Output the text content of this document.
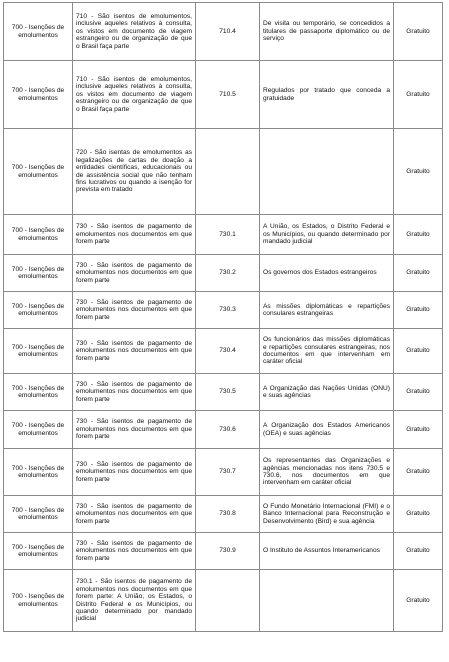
700 - Isenções de emolumentos	710 - São isentos de emolumentos, inclusive aqueles relativos à consulta, os vistos em documento de viagem estrangeiro ou de organização de que o Brasil faça parte	710.4	De visita ou temporário, se concedidos a titulares de passaporte diplomático ou de serviço	Gratuito
700 - Isenções de emolumentos	710 - São isentos de emolumentos, inclusive aqueles relativos à consulta, os vistos em documento de viagem estrangeiro ou de organização de que o Brasil faça parte	710.5	Regulados por tratado que conceda a gratuidade	Gratuito
700 - Isenções de emolumentos	720 - São isentas de emolumentos as legalizações de cartas de doação a entidades científicas, educacionais ou de assistência social que não tenham fins lucrativos ou quando a isenção for prevista em tratado			Gratuito
700 - Isenções de emolumentos	730 - São isentos de pagamento de emolumentos nos documentos em que forem parte	730.1	A União, os Estados, o Distrito Federal e os Municípios, ou quando determinado por mandado judicial	Gratuito
700 - Isenções de emolumentos	730 - São isentos de pagamento de emolumentos nos documentos em que forem parte	730.2	Os governos dos Estados estrangeiros	Gratuito
700 - Isenções de emolumentos	730 - São isentos de pagamento de emolumentos nos documentos em que forem parte	730.3	As missões diplomáticas e repartições consulares estrangeiras	Gratuito
700 - Isenções de emolumentos	730 - São isentos de pagamento de emolumentos nos documentos em que forem parte	730.4	Os funcionários das missões diplomáticas e repartições consulares estrangeiras, nos documentos em que intervenham em caráter oficial	Gratuito
700 - Isenções de emolumentos	730 - São isentos de pagamento de emolumentos nos documentos em que forem parte	730.5	A Organização das Nações Unidas (ONU) e suas agências	Gratuito
700 - Isenções de emolumentos	730 - São isentos de pagamento de emolumentos nos documentos em que forem parte	730.6	A Organização dos Estados Americanos (OEA) e suas agências	Gratuito
700 - Isenções de emolumentos	730 - São isentos de pagamento de emolumentos nos documentos em que forem parte	730.7	Os representantes das Organizações e agências mencionadas nos itens 730.5 e 730.6, nos documentos em que intervenham em caráter oficial	Gratuito
700 - Isenções de emolumentos	730 - São isentos de pagamento de emolumentos nos documentos em que forem parte	730.8	O Fundo Monetário Internacional (FMI) e o Banco Internacional para Reconstrução e Desenvolvimento (Bird) e sua agência	Gratuito
700 - Isenções de emolumentos	730 - São isentos de pagamento de emolumentos nos documentos em que forem parte	730.9	O Instituto de Assuntos Interamericanos	Gratuito
700 - Isenções de emolumentos	730.1 - São isentos de pagamento de emolumentos nos documentos em que forem parte: A União, os Estados, o Distrito Federal e os Municípios, ou quando determinado por mandado judicial			Gratuito
